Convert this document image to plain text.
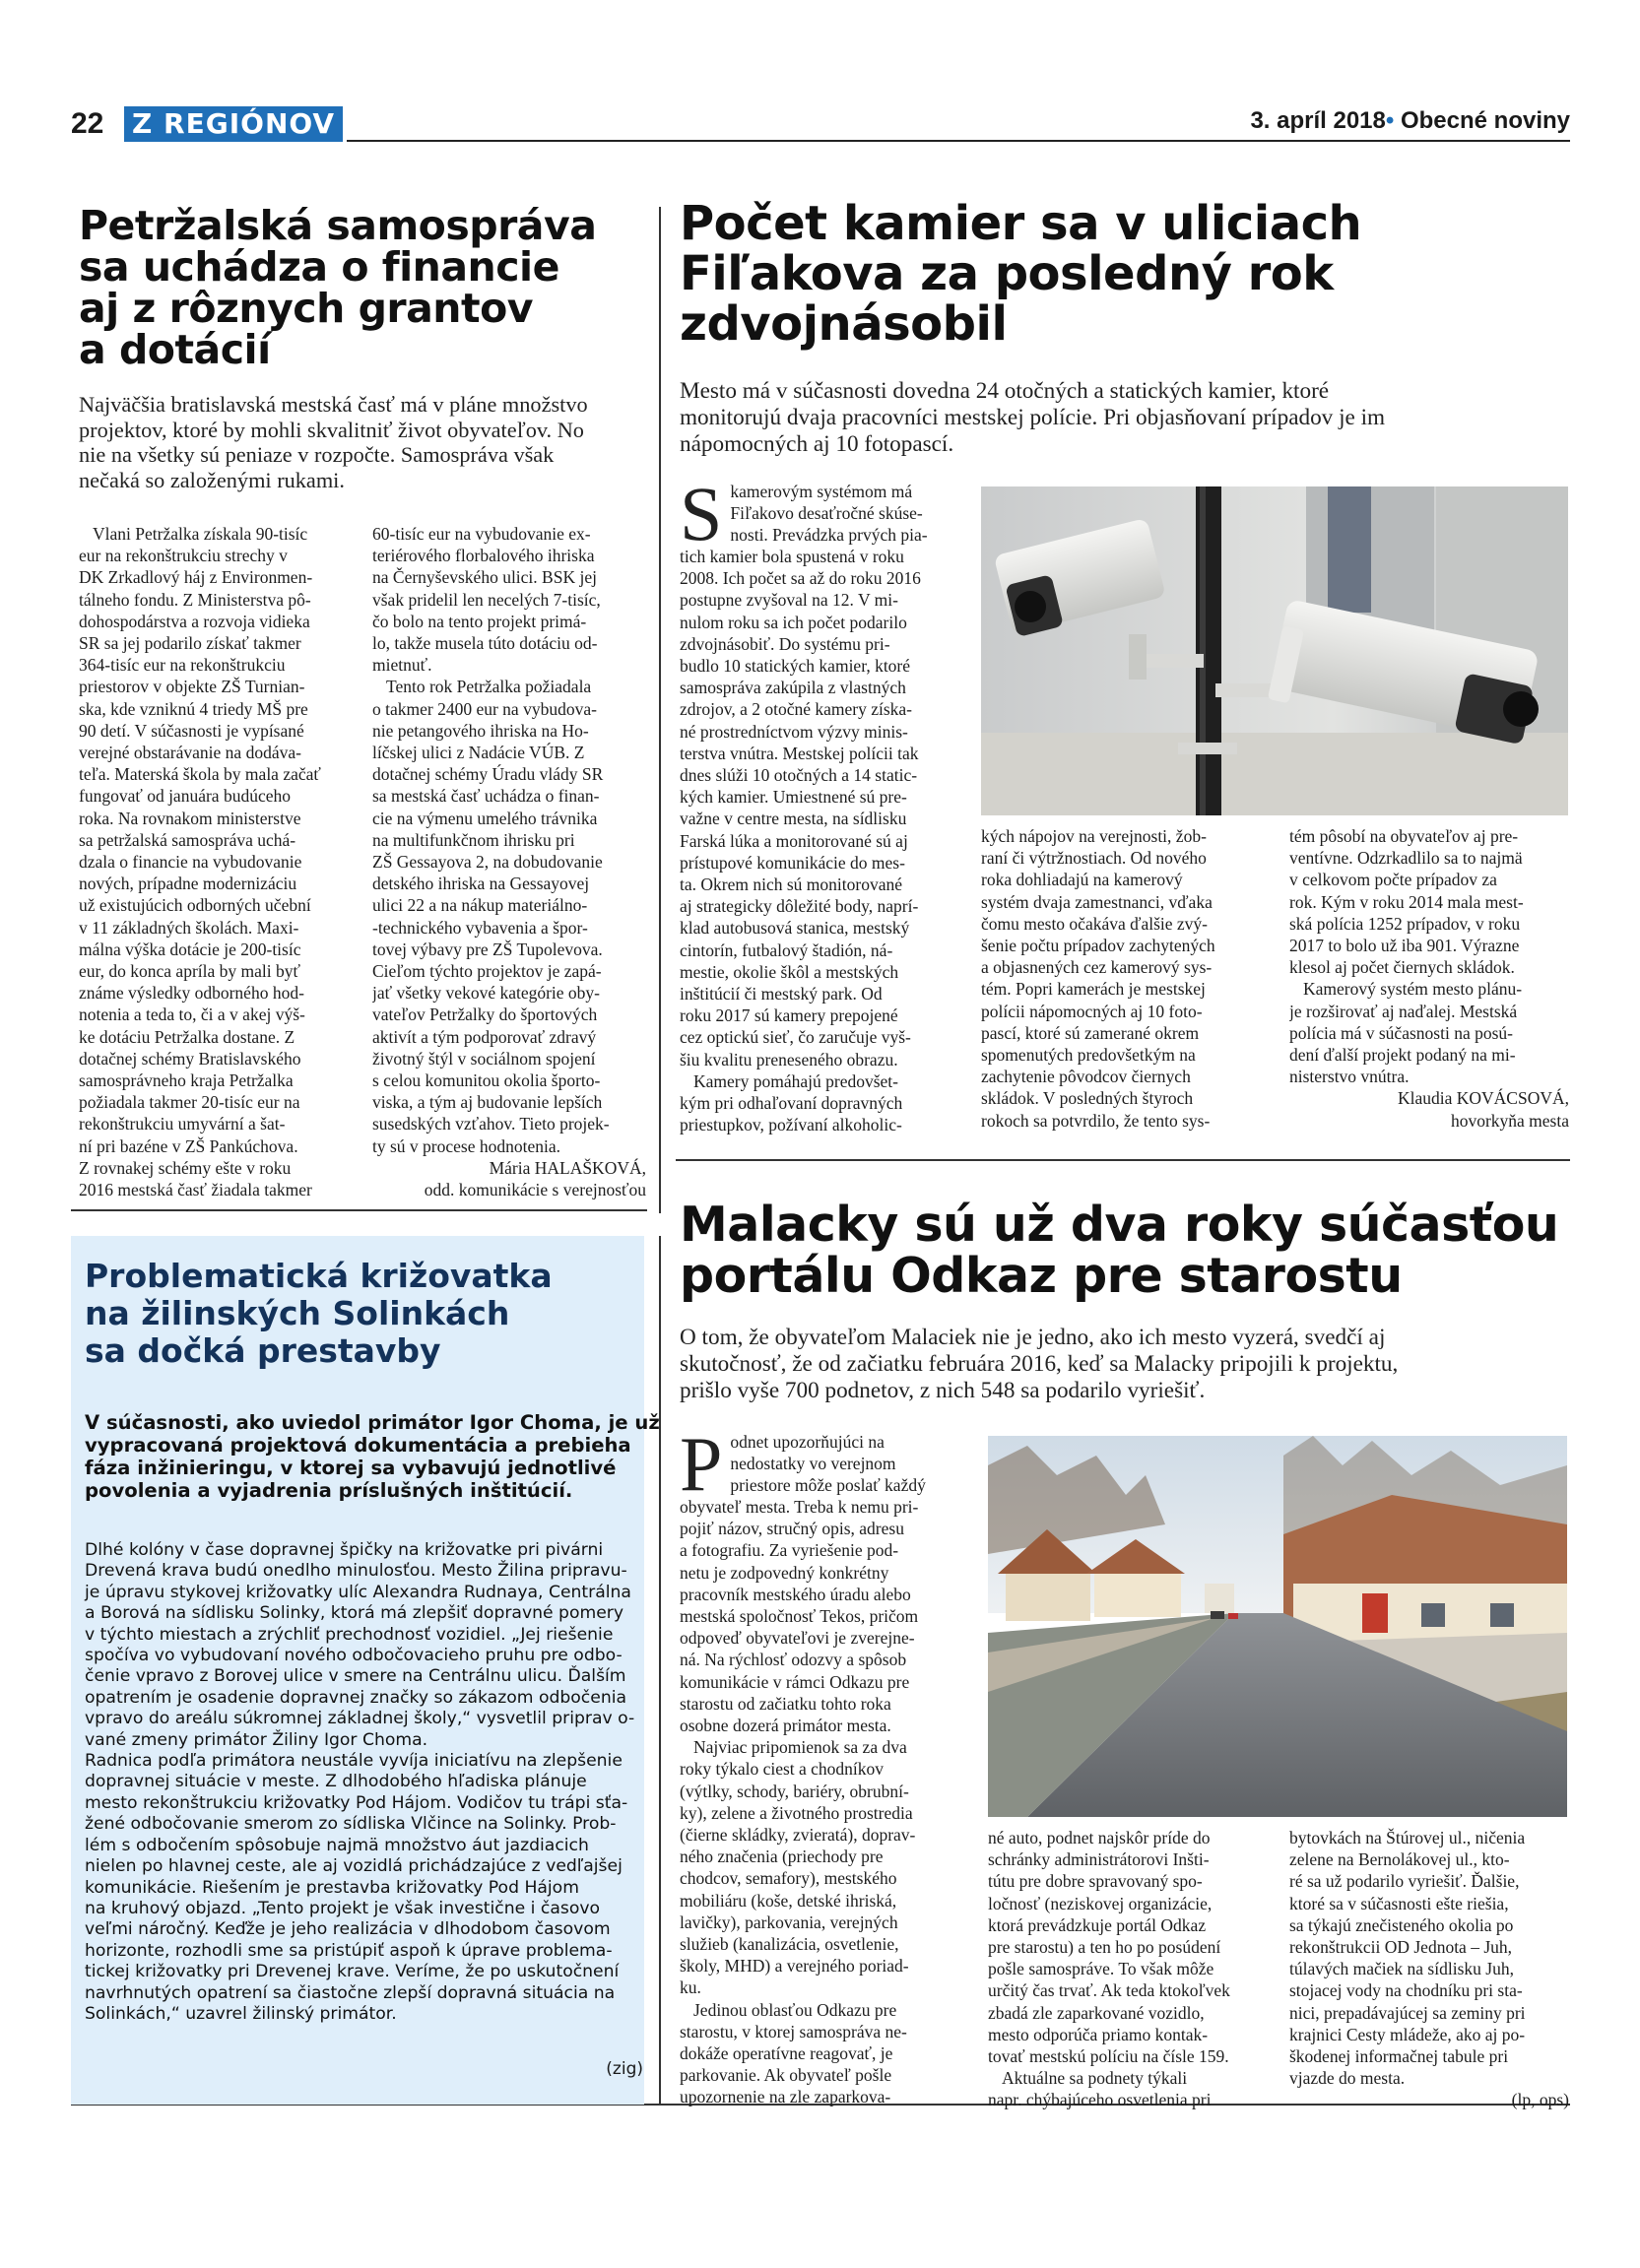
22 Z REGIÓNOV	3. apríl 2018• Obecné noviny
Petržalská samospráva
sa uchádza o financie
aj z rôznych grantov
a dotácií
Najväčšia bratislavská mestská časť má v pláne množstvo
projektov, ktoré by mohli skvalitniť život obyvateľov. No
nie na všetky sú peniaze v rozpočte. Samospráva však
nečaká so založenými rukami.
Vlani Petržalka získala 90-tisíc
eur na rekonštrukciu strechy v
DK Zrkadlový háj z Environmen-
tálneho fondu. Z Ministerstva pô-
dohospodárstva a rozvoja vidieka
SR sa jej podarilo získať takmer
364-tisíc eur na rekonštrukciu
priestorov v objekte ZŠ Turnian-
ska, kde vzniknú 4 triedy MŠ pre
90 detí. V súčasnosti je vypísané
verejné obstarávanie na dodáva-
teľa. Materská škola by mala začať
fungovať od januára budúceho
roka. Na rovnakom ministerstve
sa petržalská samospráva uchá-
dzala o financie na vybudovanie
nových, prípadne modernizáciu
už existujúcich odborných učební
v 11 základných školách. Maxi-
málna výška dotácie je 200-tisíc
eur, do konca apríla by mali byť
známe výsledky odborného hod-
notenia a teda to, či a v akej výš-
ke dotáciu Petržalka dostane. Z
dotačnej schémy Bratislavského
samosprávneho kraja Petržalka
požiadala takmer 20-tisíc eur na
rekonštrukciu umyvární a šat-
ní pri bazéne v ZŠ Pankúchova.
Z rovnakej schémy ešte v roku
2016 mestská časť žiadala takmer
60-tisíc eur na vybudovanie ex-
teriérového florbalového ihriska
na Černyševského ulici. BSK jej
však pridelil len necelých 7-tisíc,
čo bolo na tento projekt primá-
lo, takže musela túto dotáciu od-
mietnuť.
Tento rok Petržalka požiadala
o takmer 2400 eur na vybudova-
nie petangového ihriska na Ho-
líčskej ulici z Nadácie VÚB. Z
dotačnej schémy Úradu vlády SR
sa mestská časť uchádza o finan-
cie na výmenu umelého trávnika
na multifunkčnom ihrisku pri
ZŠ Gessayova 2, na dobudovanie
detského ihriska na Gessayovej
ulici 22 a na nákup materiálno-
-technického vybavenia a špor-
tovej výbavy pre ZŠ Tupolevova.
Cieľom týchto projektov je zapá-
jať všetky vekové kategórie oby-
vateľov Petržalky do športových
aktivít a tým podporovať zdravý
životný štýl v sociálnom spojení
s celou komunitou okolia športo-
viska, a tým aj budovanie lepších
susedských vzťahov. Tieto projek-
ty sú v procese hodnotenia.
Mária HALAŠKOVÁ,
odd. komunikácie s verejnosťou
Počet kamier sa v uliciach
Fiľakova za posledný rok
zdvojnásobil
Mesto má v súčasnosti dovedna 24 otočných a statických kamier, ktoré
monitorujú dvaja pracovníci mestskej polície. Pri objasňovaní prípadov je im
nápomocných aj 10 fotopascí.
S kamerovým systémom má
Fiľakovo desaťročné skúse-
nosti. Prevádzka prvých pia-
tich kamier bola spustená v roku
2008. Ich počet sa až do roku 2016
postupne zvyšoval na 12. V mi-
nulom roku sa ich počet podarilo
zdvojnásobiť. Do systému pri-
budlo 10 statických kamier, ktoré
samospráva zakúpila z vlastných
zdrojov, a 2 otočné kamery získa-
né prostredníctvom výzvy minis-
terstva vnútra. Mestskej polícii tak
dnes slúži 10 otočných a 14 static-
kých kamier. Umiestnené sú pre-
važne v centre mesta, na sídlisku
Farská lúka a monitorované sú aj
prístupové komunikácie do mes-
ta. Okrem nich sú monitorované
aj strategicky dôležité body, naprí-
klad autobusová stanica, mestský
cintorín, futbalový štadión, ná-
mestie, okolie škôl a mestských
inštitúcií či mestský park. Od
roku 2017 sú kamery prepojené
cez optickú sieť, čo zaručuje vyš-
šiu kvalitu preneseného obrazu.
Kamery pomáhajú predovšet-
kým pri odhaľovaní dopravných
priestupkov, požívaní alkoholic-
kých nápojov na verejnosti, žob-
raní či výtržnostiach. Od nového
roka dohliadajú na kamerový
systém dvaja zamestnanci, vďaka
čomu mesto očakáva ďalšie zvý-
šenie počtu prípadov zachytených
a objasnených cez kamerový sys-
tém. Popri kamerách je mestskej
polícii nápomocných aj 10 foto-
pascí, ktoré sú zamerané okrem
spomenutých predovšetkým na
zachytenie pôvodcov čiernych
skládok. V posledných štyroch
rokoch sa potvrdilo, že tento sys-
tém pôsobí na obyvateľov aj pre-
ventívne. Odzrkadlilo sa to najmä
v celkovom počte prípadov za
rok. Kým v roku 2014 mala mest-
ská polícia 1252 prípadov, v roku
2017 to bolo už iba 901. Výrazne
klesol aj počet čiernych skládok.
Kamerový systém mesto plánu-
je rozširovať aj naďalej. Mestská
polícia má v súčasnosti na posú-
dení ďalší projekt podaný na mi-
nisterstvo vnútra.
Klaudia KOVÁCSOVÁ,
hovorkyňa mesta
Problematická križovatka
na žilinských Solinkách
sa dočká prestavby
V súčasnosti, ako uviedol primátor Igor Choma, je už
vypracovaná projektová dokumentácia a prebieha
fáza inžinieringu, v ktorej sa vybavujú jednotlivé
povolenia a vyjadrenia príslušných inštitúcií.
Dlhé kolóny v čase dopravnej špičky na križovatke pri pivárni
Drevená krava budú onedlho minulosťou. Mesto Žilina pripravu-
je úpravu stykovej križovatky ulíc Alexandra Rudnaya, Centrálna
a Borová na sídlisku Solinky, ktorá má zlepšiť dopravné pomery
v týchto miestach a zrýchliť prechodnosť vozidiel. „Jej riešenie
spočíva vo vybudovaní nového odbočovacieho pruhu pre odbo-
čenie vpravo z Borovej ulice v smere na Centrálnu ulicu. Ďalším
opatrením je osadenie dopravnej značky so zákazom odbočenia
vpravo do areálu súkromnej základnej školy,“ vysvetlil priprav o-
vané zmeny primátor Žiliny Igor Choma.
Radnica podľa primátora neustále vyvíja iniciatívu na zlepšenie
dopravnej situácie v meste. Z dlhodobého hľadiska plánuje
mesto rekonštrukciu križovatky Pod Hájom. Vodičov tu trápi sťa-
žené odbočovanie smerom zo sídliska Vlčince na Solinky. Prob-
lém s odbočením spôsobuje najmä množstvo áut jazdiacich
nielen po hlavnej ceste, ale aj vozidlá prichádzajúce z vedľajšej
komunikácie. Riešením je prestavba križovatky Pod Hájom
na kruhový objazd. „Tento projekt je však investične i časovo
veľmi náročný. Keďže je jeho realizácia v dlhodobom časovom
horizonte, rozhodli sme sa pristúpiť aspoň k úprave problema-
tickej križovatky pri Drevenej krave. Veríme, že po uskutočnení
navrhnutých opatrení sa čiastočne zlepší dopravná situácia na
Solinkách,“ uzavrel žilinský primátor.
(zig)
Malacky sú už dva roky súčasťou
portálu Odkaz pre starostu
O tom, že obyvateľom Malaciek nie je jedno, ako ich mesto vyzerá, svedčí aj
skutočnosť, že od začiatku februára 2016, keď sa Malacky pripojili k projektu,
prišlo vyše 700 podnetov, z nich 548 sa podarilo vyriešiť.
P odnet upozorňujúci na
nedostatky vo verejnom
priestore môže poslať každý
obyvateľ mesta. Treba k nemu pri-
pojiť názov, stručný opis, adresu
a fotografiu. Za vyriešenie pod-
netu je zodpovedný konkrétny
pracovník mestského úradu alebo
mestská spoločnosť Tekos, pričom
odpoveď obyvateľovi je zverejne-
ná. Na rýchlosť odozvy a spôsob
komunikácie v rámci Odkazu pre
starostu od začiatku tohto roka
osobne dozerá primátor mesta.
Najviac pripomienok sa za dva
roky týkalo ciest a chodníkov
(výtlky, schody, bariéry, obrubní-
ky), zelene a životného prostredia
(čierne skládky, zvieratá), doprav-
ného značenia (priechody pre
chodcov, semafory), mestského
mobiliáru (koše, detské ihriská,
lavičky), parkovania, verejných
služieb (kanalizácia, osvetlenie,
školy, MHD) a verejného poriad-
ku.
Jedinou oblasťou Odkazu pre
starostu, v ktorej samospráva ne-
dokáže operatívne reagovať, je
parkovanie. Ak obyvateľ pošle
upozornenie na zle zaparkova-
né auto, podnet najskôr príde do
schránky administrátorovi Inšti-
tútu pre dobre spravovaný spo-
ločnosť (neziskovej organizácie,
ktorá prevádzkuje portál Odkaz
pre starostu) a ten ho po posúdení
pošle samospráve. To však môže
určitý čas trvať. Ak teda ktokoľvek
zbadá zle zaparkované vozidlo,
mesto odporúča priamo kontak-
tovať mestskú políciu na čísle 159.
Aktuálne sa podnety týkali
napr. chýbajúceho osvetlenia pri
bytovkách na Štúrovej ul., ničenia
zelene na Bernolákovej ul., kto-
ré sa už podarilo vyriešiť. Ďalšie,
ktoré sa v súčasnosti ešte riešia,
sa týkajú znečisteného okolia po
rekonštrukcii OD Jednota – Juh,
túlavých mačiek na sídlisku Juh,
stojacej vody na chodníku pri sta-
nici, prepadávajúcej sa zeminy pri
krajnici Cesty mládeže, ako aj po-
škodenej informačnej tabule pri
vjazde do mesta.
(lp, ops)
